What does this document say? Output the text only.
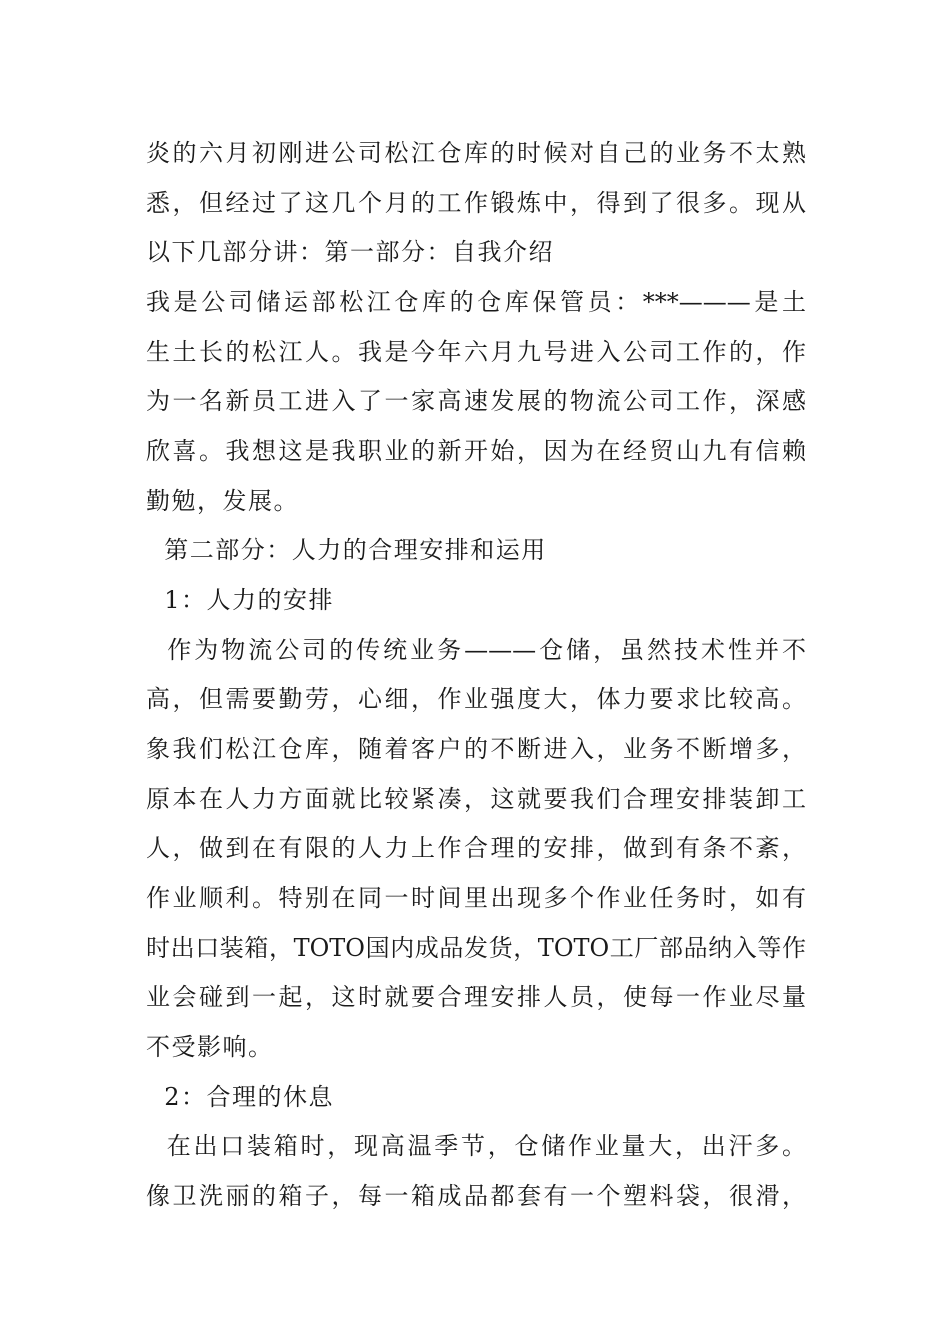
炎的六月初刚进公司松江仓库的时候对自己的业务不太熟
悉，但经过了这几个月的工作锻炼中，得到了很多。现从
以下几部分讲：第一部分：自我介绍
我是公司储运部松江仓库的仓库保管员：***———是土
生土长的松江人。我是今年六月九号进入公司工作的，作
为一名新员工进入了一家高速发展的物流公司工作，深感
欣喜。我想这是我职业的新开始，因为在经贸山九有信赖
勤勉，发展。
第二部分：人力的合理安排和运用
1：人力的安排
作为物流公司的传统业务———仓储，虽然技术性并不
高，但需要勤劳，心细，作业强度大，体力要求比较高。
象我们松江仓库，随着客户的不断进入，业务不断增多，
原本在人力方面就比较紧凑，这就要我们合理安排装卸工
人，做到在有限的人力上作合理的安排，做到有条不紊，
作业顺利。特别在同一时间里出现多个作业任务时，如有
时出口装箱，TOTO国内成品发货，TOTO工厂部品纳入等作
业会碰到一起，这时就要合理安排人员，使每一作业尽量
不受影响。
2：合理的休息
在出口装箱时，现高温季节，仓储作业量大，出汗多。
像卫洗丽的箱子，每一箱成品都套有一个塑料袋，很滑，
